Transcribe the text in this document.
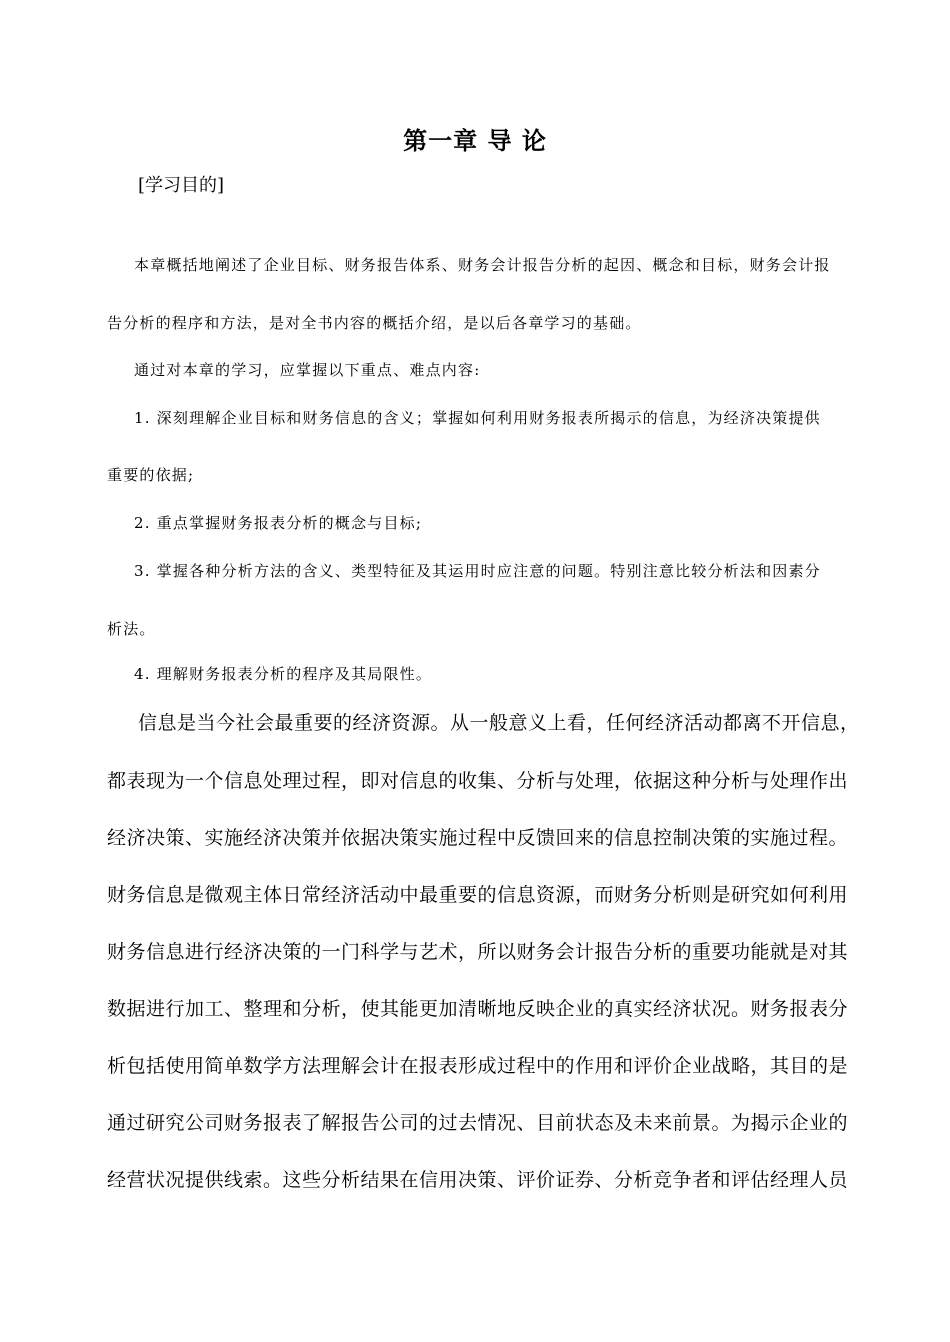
第一章 导 论
[学习目的]
本章概括地阐述了企业目标、财务报告体系、财务会计报告分析的起因、概念和目标，财务会计报
告分析的程序和方法，是对全书内容的概括介绍，是以后各章学习的基础。
通过对本章的学习，应掌握以下重点、难点内容:
1. 深刻理解企业目标和财务信息的含义；掌握如何利用财务报表所揭示的信息，为经济决策提供
重要的依据;
2. 重点掌握财务报表分析的概念与目标;
3. 掌握各种分析方法的含义、类型特征及其运用时应注意的问题。特别注意比较分析法和因素分
析法。
4. 理解财务报表分析的程序及其局限性。
信息是当今社会最重要的经济资源。从一般意义上看，任何经济活动都离不开信息，
都表现为一个信息处理过程，即对信息的收集、分析与处理，依据这种分析与处理作出
经济决策、实施经济决策并依据决策实施过程中反馈回来的信息控制决策的实施过程。
财务信息是微观主体日常经济活动中最重要的信息资源，而财务分析则是研究如何利用
财务信息进行经济决策的一门科学与艺术，所以财务会计报告分析的重要功能就是对其
数据进行加工、整理和分析，使其能更加清晰地反映企业的真实经济状况。财务报表分
析包括使用简单数学方法理解会计在报表形成过程中的作用和评价企业战略，其目的是
通过研究公司财务报表了解报告公司的过去情况、目前状态及未来前景。为揭示企业的
经营状况提供线索。这些分析结果在信用决策、评价证券、分析竞争者和评估经理人员
